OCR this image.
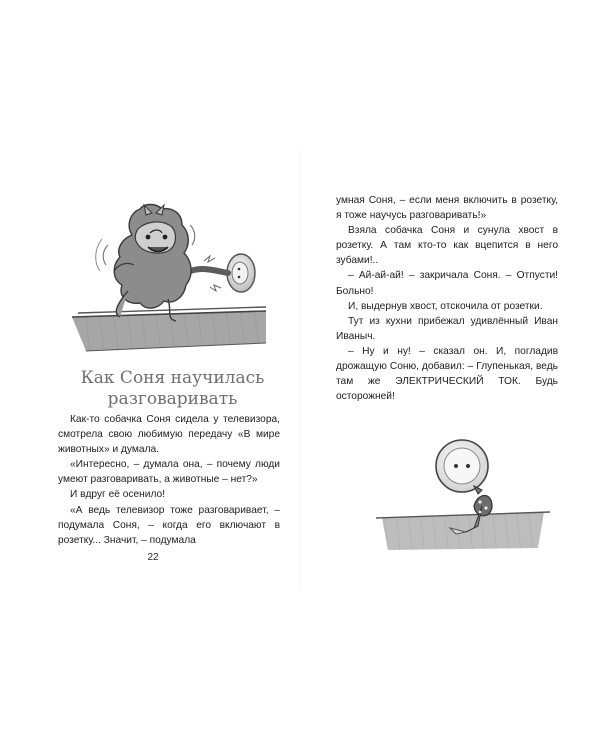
Как Соня научилась
разговаривать

Как-то собачка Соня сидела у телевизора, смотрела свою любимую передачу «В мире животных» и думала.

«Интересно, – думала она, – почему люди умеют разговаривать, а животные – нет?»

И вдруг её осенило!

«А ведь телевизор тоже разговаривает, – подумала Соня, – когда его включают в розетку... Значит, – подумала

22

умная Соня, – если меня включить в розетку, я тоже научусь разговаривать!»

Взяла собачка Соня и сунула хвост в розетку. А там кто-то как вцепится в него зубами!..

– Ай-ай-ай! – закричала Соня. – Отпусти! Больно!

И, выдернув хвост, отскочила от розетки.

Тут из кухни прибежал удивлённый Иван Иваныч.

– Ну и ну! – сказал он. И, погладив дрожащую Соню, добавил: – Глупенькая, ведь там же ЭЛЕКТРИЧЕСКИЙ ТОК. Будь осторожней!
